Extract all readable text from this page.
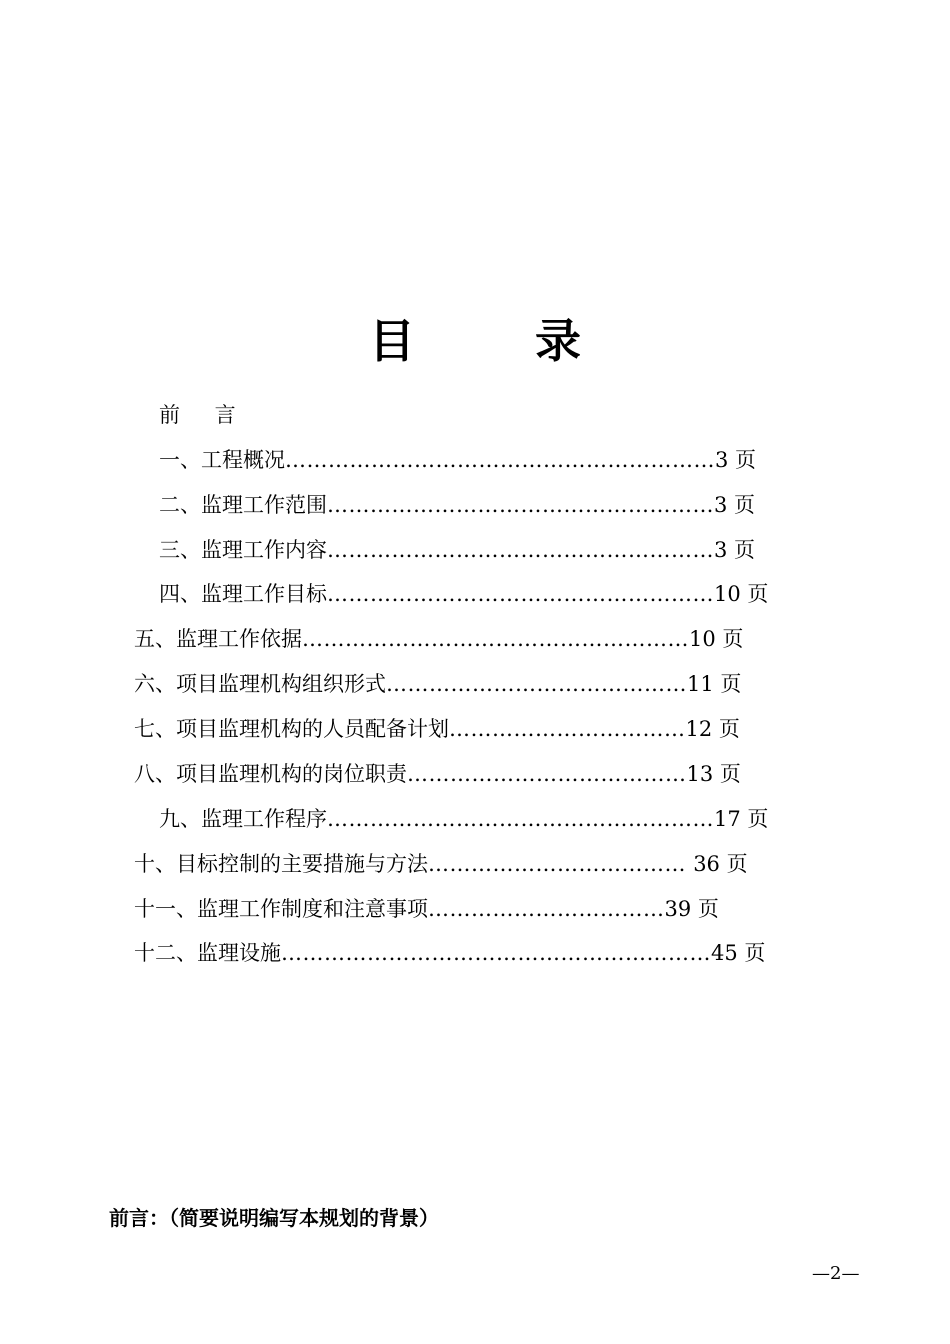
目 录
前 言
一、工程概况……………………………………………………3 页
二、监理工作范围………………………………………………3 页
三、监理工作内容………………………………………………3 页
四、监理工作目标………………………………………………10 页
五、监理工作依据………………………………………………10 页
六、项目监理机构组织形式……………………………………11 页
七、项目监理机构的人员配备计划……………………………12 页
八、项目监理机构的岗位职责…………………………………13 页
九、监理工作程序………………………………………………17 页
十、目标控制的主要措施与方法……………………………… 36 页
十一、监理工作制度和注意事项……………………………39 页
十二、监理设施……………………………………………………45 页
前言：（简要说明编写本规划的背景）
—2—
